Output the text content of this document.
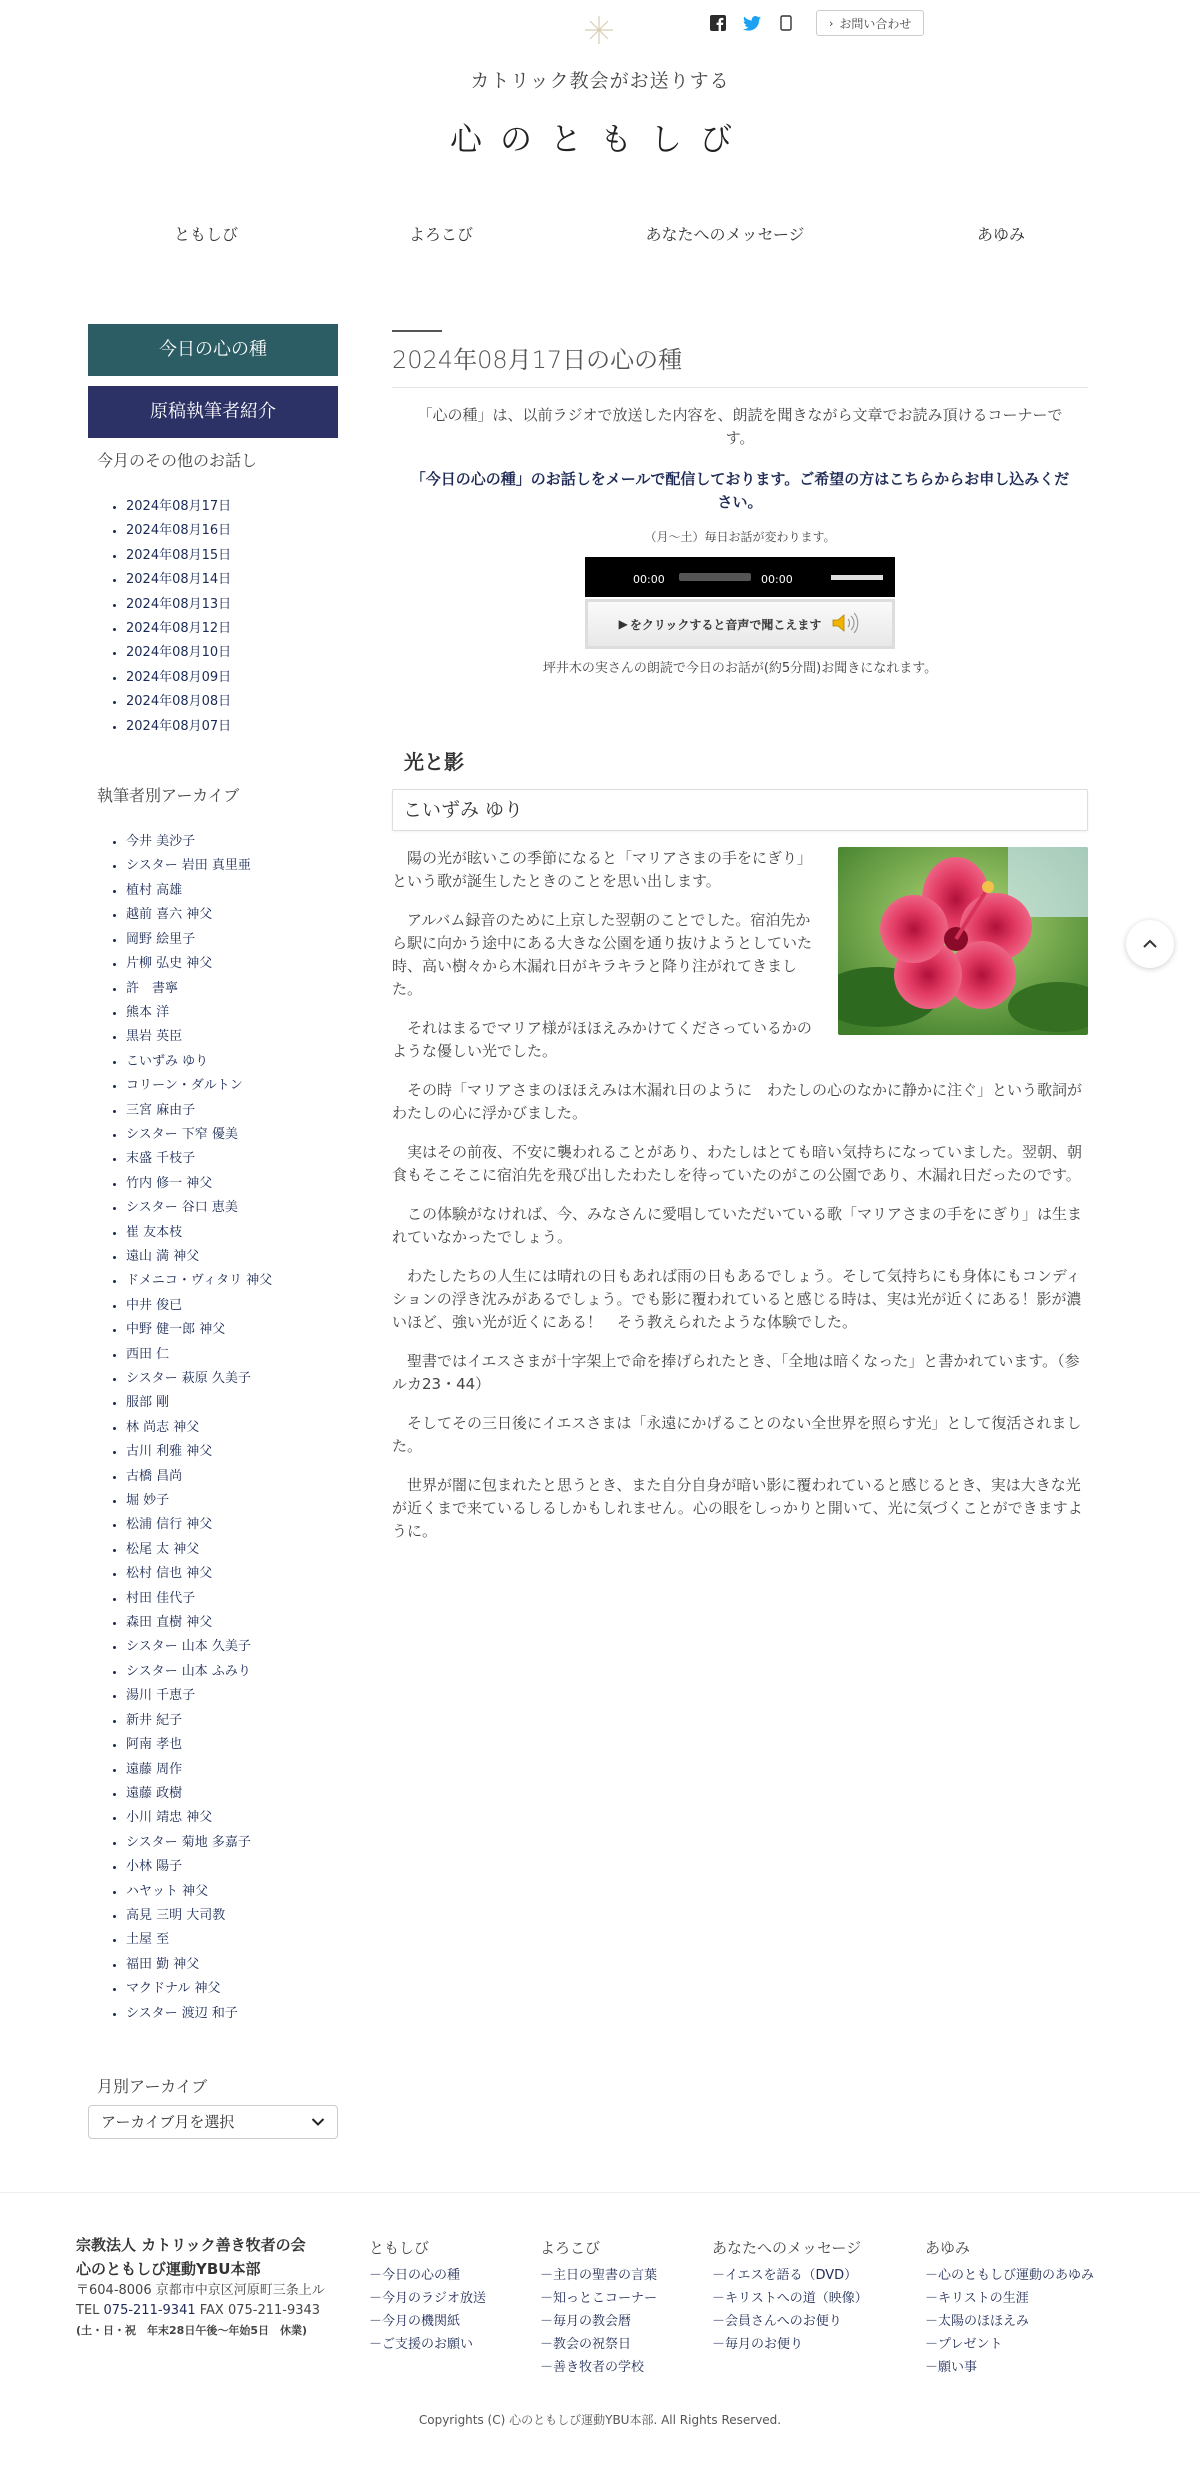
› お問い合わせ
カトリック教会がお送りする
心のともしび
ともしび	よろこび	あなたへのメッセージ	あゆみ
今日の心の種
原稿執筆者紹介
今月のその他のお話し
• 2024年08月17日
• 2024年08月16日
• 2024年08月15日
• 2024年08月14日
• 2024年08月13日
• 2024年08月12日
• 2024年08月10日
• 2024年08月09日
• 2024年08月08日
• 2024年08月07日
執筆者別アーカイブ
• 今井 美沙子
• シスター 岩田 真里亜
• 植村 高雄
• 越前 喜六 神父
• 岡野 絵里子
• 片柳 弘史 神父
• 許　書寧
• 熊本 洋
• 黒岩 英臣
• こいずみ ゆり
• コリーン・ダルトン
• 三宮 麻由子
• シスター 下窄 優美
• 末盛 千枝子
• 竹内 修一 神父
• シスター 谷口 恵美
• 崔 友本枝
• 遠山 満 神父
• ドメニコ・ヴィタリ 神父
• 中井 俊已
• 中野 健一郎 神父
• 西田 仁
• シスター 萩原 久美子
• 服部 剛
• 林 尚志 神父
• 古川 利雅 神父
• 古橋 昌尚
• 堀 妙子
• 松浦 信行 神父
• 松尾 太 神父
• 松村 信也 神父
• 村田 佳代子
• 森田 直樹 神父
• シスター 山本 久美子
• シスター 山本 ふみり
• 湯川 千恵子
• 新井 紀子
• 阿南 孝也
• 遠藤 周作
• 遠藤 政樹
• 小川 靖忠 神父
• シスター 菊地 多嘉子
• 小林 陽子
• ハヤット 神父
• 高見 三明 大司教
• 土屋 至
• 福田 勤 神父
• マクドナル 神父
• シスター 渡辺 和子
月別アーカイブ
アーカイブ月を選択
2024年08月17日の心の種

「心の種」は、以前ラジオで放送した内容を、朗読を聞きながら文章でお読み頂けるコーナーです。

「今日の心の種」のお話しをメールで配信しております。ご希望の方はこちらからお申し込みください。

（月〜土）毎日お話が変わります。

00:00	00:00
▶ をクリックすると音声で聞こえます

坪井木の実さんの朗読で今日のお話が(約5分間)お聞きになれます。

光と影
こいずみ ゆり

陽の光が眩いこの季節になると「マリアさまの手をにぎり」という歌が誕生したときのことを思い出します。

アルバム録音のために上京した翌朝のことでした。宿泊先から駅に向かう途中にある大きな公園を通り抜けようとしていた時、高い樹々から木漏れ日がキラキラと降り注がれてきました。

それはまるでマリア様がほほえみかけてくださっているかのような優しい光でした。

その時「マリアさまのほほえみは木漏れ日のように　わたしの心のなかに静かに注ぐ」という歌詞がわたしの心に浮かびました。

実はその前夜、不安に襲われることがあり、わたしはとても暗い気持ちになっていました。翌朝、朝食もそこそこに宿泊先を飛び出したわたしを待っていたのがこの公園であり、木漏れ日だったのです。

この体験がなければ、今、みなさんに愛唱していただいている歌「マリアさまの手をにぎり」は生まれていなかったでしょう。

わたしたちの人生には晴れの日もあれば雨の日もあるでしょう。そして気持ちにも身体にもコンディションの浮き沈みがあるでしょう。でも影に覆われていると感じる時は、実は光が近くにある！影が濃いほど、強い光が近くにある！　そう教えられたような体験でした。

聖書ではイエスさまが十字架上で命を捧げられたとき、「全地は暗くなった」と書かれています。（参　ルカ23・44）

そしてその三日後にイエスさまは「永遠にかげることのない全世界を照らす光」として復活されました。

世界が闇に包まれたと思うとき、また自分自身が暗い影に覆われていると感じるとき、実は大きな光が近くまで来ているしるしかもしれません。心の眼をしっかりと開いて、光に気づくことができますように。

宗教法人 カトリック善き牧者の会
心のともしび運動YBU本部
〒604-8006 京都市中京区河原町三条上ル
TEL 075-211-9341 FAX 075-211-9343
(土・日・祝　年末28日午後〜年始5日　休業)
ともしび
－今日の心の種
－今月のラジオ放送
－今月の機関紙
－ご支援のお願い
よろこび
－主日の聖書の言葉
－知っとこコーナー
－毎月の教会暦
－教会の祝祭日
－善き牧者の学校
あなたへのメッセージ
－イエスを語る（DVD）
－キリストへの道（映像）
－会員さんへのお便り
－毎月のお便り
あゆみ
－心のともしび運動のあゆみ
－キリストの生涯
－太陽のほほえみ
－プレゼント
－願い事
Copyrights (C) 心のともしび運動YBU本部. All Rights Reserved.
